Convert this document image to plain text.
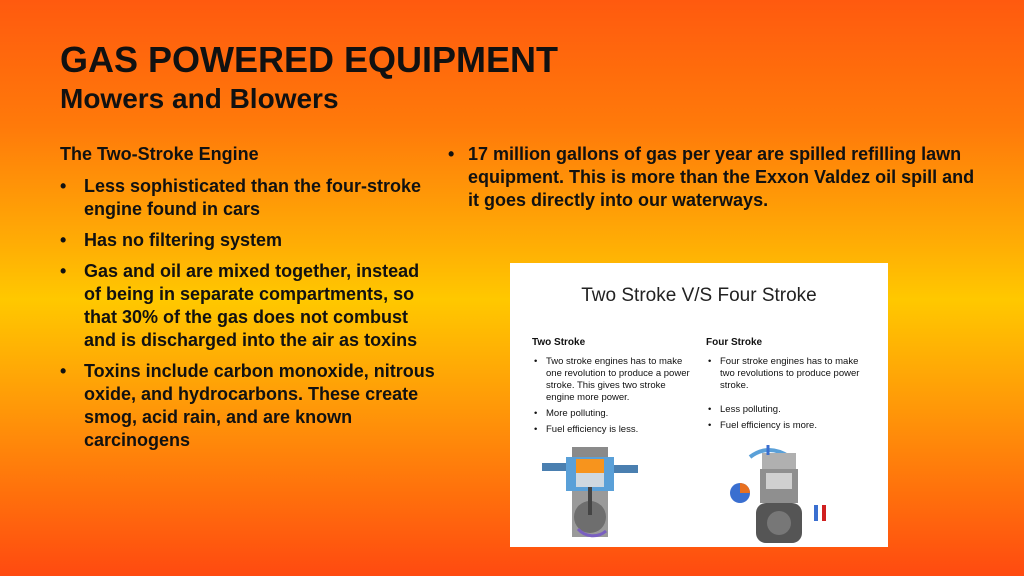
GAS POWERED EQUIPMENT
Mowers and Blowers
The Two-Stroke Engine
• Less sophisticated than the four-stroke engine found in cars
• Has no filtering system
• Gas and oil are mixed together, instead of being in separate compartments, so that 30% of the gas does not combust and is discharged into the air as toxins
• Toxins include carbon monoxide, nitrous oxide, and hydrocarbons. These create smog, acid rain, and are known carcinogens
• 17 million gallons of gas per year are spilled refilling lawn equipment. This is more than the Exxon Valdez oil spill and it goes directly into our waterways.
Two Stroke V/S Four Stroke
Two Stroke
• Two stroke engines has to make one revolution to produce a power stroke. This gives two stroke engine more power.
• More polluting.
• Fuel efficiency is less.
Four Stroke
• Four stroke engines has to make two revolutions to produce power stroke.
• Less polluting.
• Fuel efficiency is more.
